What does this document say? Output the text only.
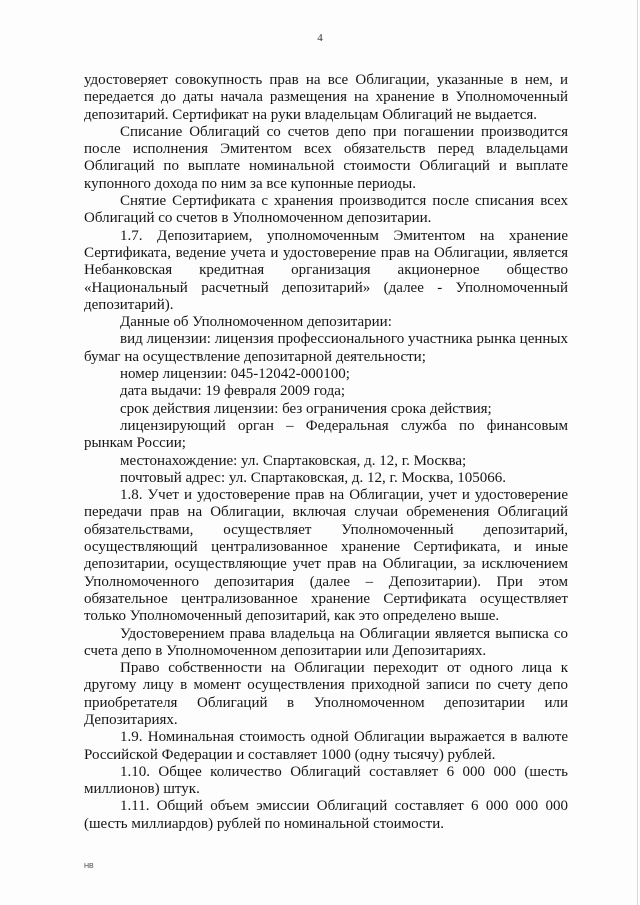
4

удостоверяет совокупность прав на все Облигации, указанные в нем, и передается до даты начала размещения на хранение в Уполномоченный депозитарий. Сертификат на руки владельцам Облигаций не выдается.

Списание Облигаций со счетов депо при погашении производится после исполнения Эмитентом всех обязательств перед владельцами Облигаций по выплате номинальной стоимости Облигаций и выплате купонного дохода по ним за все купонные периоды.

Снятие Сертификата с хранения производится после списания всех Облигаций со счетов в Уполномоченном депозитарии.

1.7. Депозитарием, уполномоченным Эмитентом на хранение Сертификата, ведение учета и удостоверение прав на Облигации, является Небанковская кредитная организация акционерное общество «Национальный расчетный депозитарий» (далее - Уполномоченный депозитарий).

Данные об Уполномоченном депозитарии:

вид лицензии: лицензия профессионального участника рынка ценных бумаг на осуществление депозитарной деятельности;

номер лицензии: 045-12042-000100;

дата выдачи: 19 февраля 2009 года;

срок действия лицензии: без ограничения срока действия;

лицензирующий орган – Федеральная служба по финансовым рынкам России;

местонахождение: ул. Спартаковская, д. 12, г. Москва;

почтовый адрес: ул. Спартаковская, д. 12, г. Москва, 105066.

1.8. Учет и удостоверение прав на Облигации, учет и удостоверение передачи прав на Облигации, включая случаи обременения Облигаций обязательствами, осуществляет Уполномоченный депозитарий, осуществляющий централизованное хранение Сертификата, и иные депозитарии, осуществляющие учет прав на Облигации, за исключением Уполномоченного депозитария (далее – Депозитарии). При этом обязательное централизованное хранение Сертификата осуществляет только Уполномоченный депозитарий, как это определено выше.

Удостоверением права владельца на Облигации является выписка со счета депо в Уполномоченном депозитарии или Депозитариях.

Право собственности на Облигации переходит от одного лица к другому лицу в момент осуществления приходной записи по счету депо приобретателя Облигаций в Уполномоченном депозитарии или Депозитариях.

1.9. Номинальная стоимость одной Облигации выражается в валюте Российской Федерации и составляет 1000 (одну тысячу) рублей.

1.10. Общее количество Облигаций составляет 6 000 000 (шесть миллионов) штук.

1.11. Общий объем эмиссии Облигаций составляет 6 000 000 000 (шесть миллиардов) рублей по номинальной стоимости.

НВ
